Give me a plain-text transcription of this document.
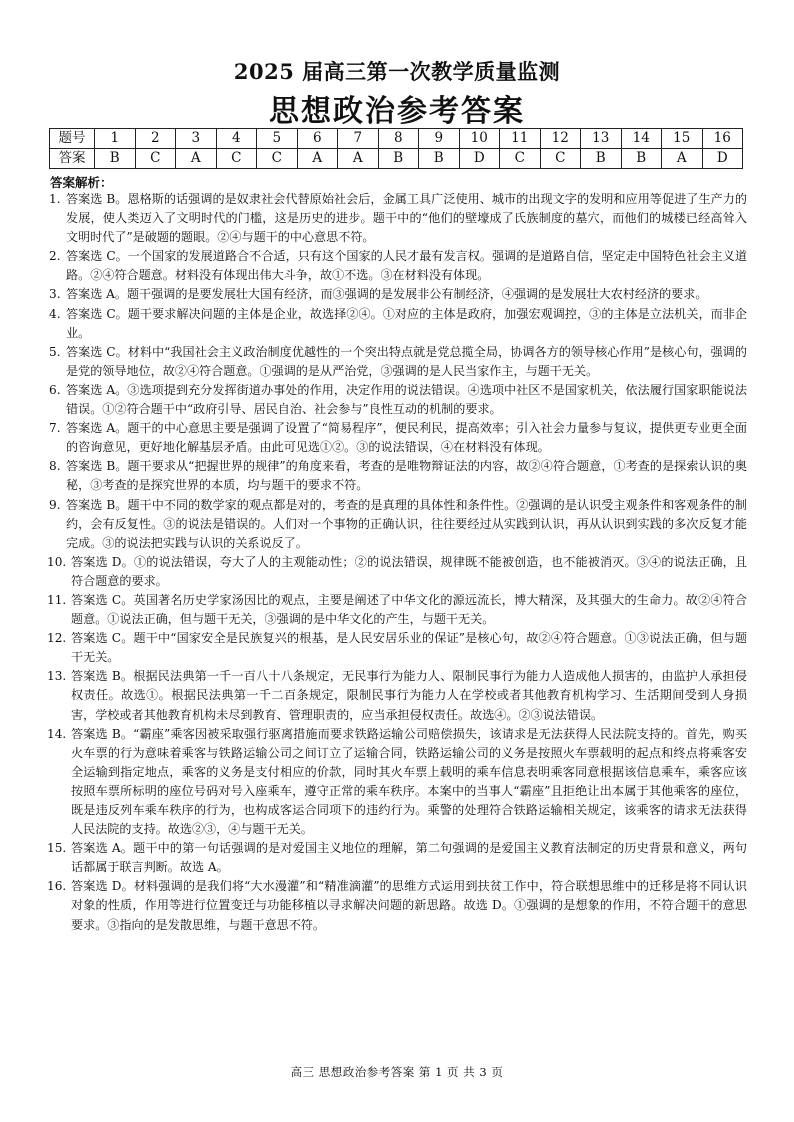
2025 届高三第一次教学质量监测
思想政治参考答案
题号	1	2	3	4	5	6	7	8	9	10	11	12	13	14	15	16
答案	B	C	A	C	C	A	A	B	B	D	C	C	B	B	A	D
答案解析：
1. 答案选 B。恩格斯的话强调的是奴隶社会代替原始社会后，金属工具广泛使用、城市的出现文字的发明和应用等促进了生产力的发展，使人类迈入了文明时代的门槛，这是历史的进步。题干中的“他们的壁壕成了氏族制度的墓穴，而他们的城楼已经高耸入文明时代了”是破题的题眼。②④与题干的中心意思不符。
2. 答案选 C。一个国家的发展道路合不合适，只有这个国家的人民才最有发言权。强调的是道路自信，坚定走中国特色社会主义道路。②④符合题意。材料没有体现出伟大斗争，故①不选。③在材料没有体现。
3. 答案选 A。题干强调的是要发展壮大国有经济，而③强调的是发展非公有制经济，④强调的是发展壮大农村经济的要求。
4. 答案选 C。题干要求解决问题的主体是企业，故选择②④。①对应的主体是政府，加强宏观调控，③的主体是立法机关，而非企业。
5. 答案选 C。材料中“我国社会主义政治制度优越性的一个突出特点就是党总揽全局，协调各方的领导核心作用”是核心句，强调的是党的领导地位，故②④符合题意。①强调的是从严治党，③强调的是人民当家作主，与题干无关。
6. 答案选 A。③选项提到充分发挥街道办事处的作用，决定作用的说法错误。④选项中社区不是国家机关，依法履行国家职能说法错误。①②符合题干中“政府引导、居民自治、社会参与”良性互动的机制的要求。
7. 答案选 A。题干的中心意思主要是强调了设置了“简易程序”，便民利民，提高效率；引入社会力量参与复议，提供更专业更全面的咨询意见，更好地化解基层矛盾。由此可见选①②。③的说法错误，④在材料没有体现。
8. 答案选 B。题干要求从“把握世界的规律”的角度来看，考查的是唯物辩证法的内容，故②④符合题意，①考查的是探索认识的奥秘，③考查的是探究世界的本质，均与题干的要求不符。
9. 答案选 B。题干中不同的数学家的观点都是对的，考查的是真理的具体性和条件性。②强调的是认识受主观条件和客观条件的制约，会有反复性。③的说法是错误的。人们对一个事物的正确认识，往往要经过从实践到认识，再从认识到实践的多次反复才能完成。③的说法把实践与认识的关系说反了。
10. 答案选 D。①的说法错误，夸大了人的主观能动性；②的说法错误，规律既不能被创造，也不能被消灭。③④的说法正确，且符合题意的要求。
11. 答案选 C。英国著名历史学家汤因比的观点，主要是阐述了中华文化的源远流长，博大精深，及其强大的生命力。故②④符合题意。①说法正确，但与题干无关，③强调的是中华文化的产生，与题干无关。
12. 答案选 C。题干中“国家安全是民族复兴的根基，是人民安居乐业的保证”是核心句，故②④符合题意。①③说法正确，但与题干无关。
13. 答案选 B。根据民法典第一千一百八十八条规定，无民事行为能力人、限制民事行为能力人造成他人损害的，由监护人承担侵权责任。故选①。根据民法典第一千二百条规定，限制民事行为能力人在学校或者其他教育机构学习、生活期间受到人身损害，学校或者其他教育机构未尽到教育、管理职责的，应当承担侵权责任。故选④。②③说法错误。
14. 答案选 B。“霸座”乘客因被采取强行驱离措施而要求铁路运输公司赔偿损失，该请求是无法获得人民法院支持的。首先，购买火车票的行为意味着乘客与铁路运输公司之间订立了运输合同，铁路运输公司的义务是按照火车票载明的起点和终点将乘客安全运输到指定地点，乘客的义务是支付相应的价款，同时其火车票上载明的乘车信息表明乘客同意根据该信息乘车，乘客应该按照车票所标明的座位号码对号入座乘车，遵守正常的乘车秩序。本案中的当事人“霸座”且拒绝让出本属于其他乘客的座位，既是违反列车乘车秩序的行为，也构成客运合同项下的违约行为。乘警的处理符合铁路运输相关规定，该乘客的请求无法获得人民法院的支持。故选②③，④与题干无关。
15. 答案选 A。题干中的第一句话强调的是对爱国主义地位的理解，第二句强调的是爱国主义教育法制定的历史背景和意义，两句话都属于联言判断。故选 A。
16. 答案选 D。材料强调的是我们将“大水漫灌”和“精准滴灌”的思维方式运用到扶贫工作中，符合联想思维中的迁移是将不同认识对象的性质，作用等进行位置变迁与功能移植以寻求解决问题的新思路。故选 D。①强调的是想象的作用，不符合题干的意思要求。③指向的是发散思维，与题干意思不符。
高三 思想政治参考答案 第 1 页 共 3 页
